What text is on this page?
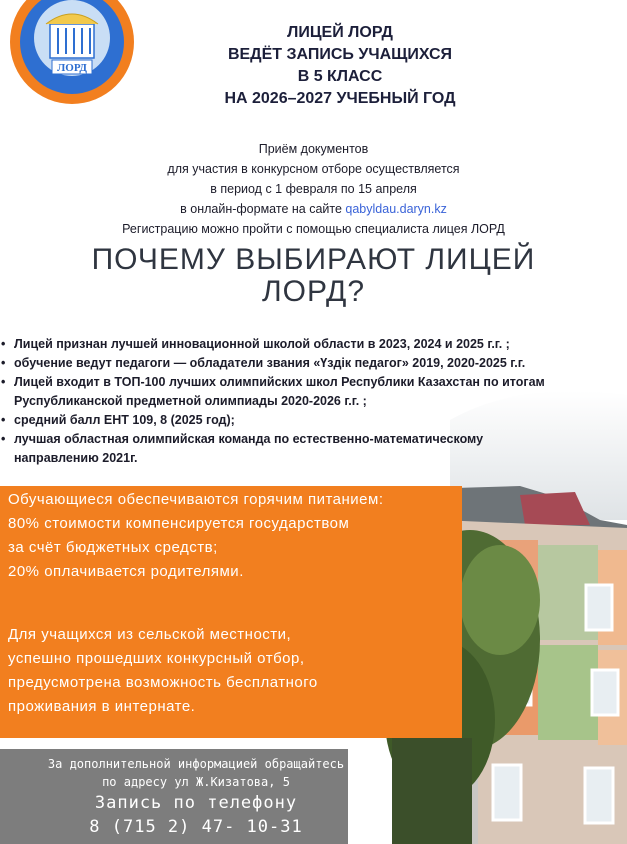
ЛОРД
ЛИЦЕЙ ЛОРД
ВЕДЁТ ЗАПИСЬ УЧАЩИХСЯ
В 5 КЛАСС
НА 2026–2027 УЧЕБНЫЙ ГОД
Приём документов
для участия в конкурсном отборе осуществляется
в период с 1 февраля по 15 апреля
в онлайн-формате на сайте qabyldau.daryn.kz
Регистрацию можно пройти с помощью специалиста лицея ЛОРД
ПОЧЕМУ ВЫБИРАЮТ ЛИЦЕЙ
ЛОРД?
• Лицей признан лучшей инновационной школой области в 2023, 2024 и 2025 г.г. ;
• обучение ведут педагоги — обладатели звания «Үздік педагог» 2019, 2020-2025 г.г.
• Лицей входит в ТОП-100 лучших олимпийских школ Республики Казахстан по итогам
Руспубликанской предметной олимпиады 2020-2026 г.г. ;
• средний балл ЕНТ 109, 8 (2025 год);
• лучшая областная олимпийская команда по естественно-математическому
направлению 2021г.
Обучающиеся обеспечиваются горячим питанием:
80% стоимости компенсируется государством
за счёт бюджетных средств;
20% оплачивается родителями.
Для учащихся из сельской местности,
успешно прошедших конкурсный отбор,
предусмотрена возможность бесплатного
проживания в интернате.
За дополнительной информацией обращайтесь
по адресу ул Ж.Кизатова, 5
Запись по телефону
8 (715 2) 47- 10-31
